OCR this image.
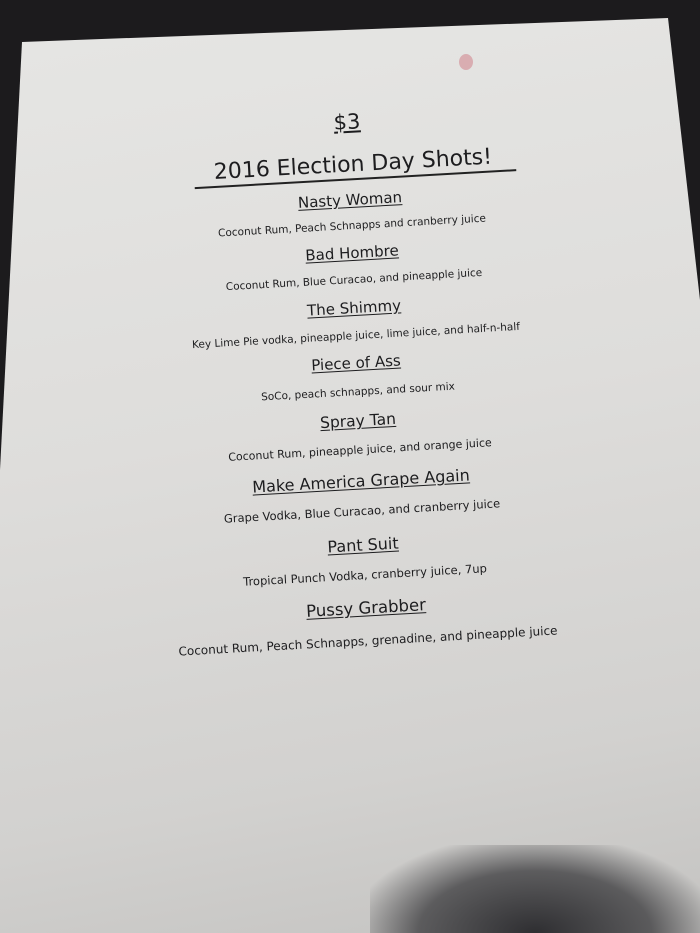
$3
2016 Election Day Shots!
Nasty Woman
Coconut Rum, Peach Schnapps and cranberry juice
Bad Hombre
Coconut Rum, Blue Curacao, and pineapple juice
The Shimmy
Key Lime Pie vodka, pineapple juice, lime juice, and half-n-half
Piece of Ass
SoCo, peach schnapps, and sour mix
Spray Tan
Coconut Rum, pineapple juice, and orange juice
Make America Grape Again
Grape Vodka, Blue Curacao, and cranberry juice
Pant Suit
Tropical Punch Vodka, cranberry juice, 7up
Pussy Grabber
Coconut Rum, Peach Schnapps, grenadine, and pineapple juice
